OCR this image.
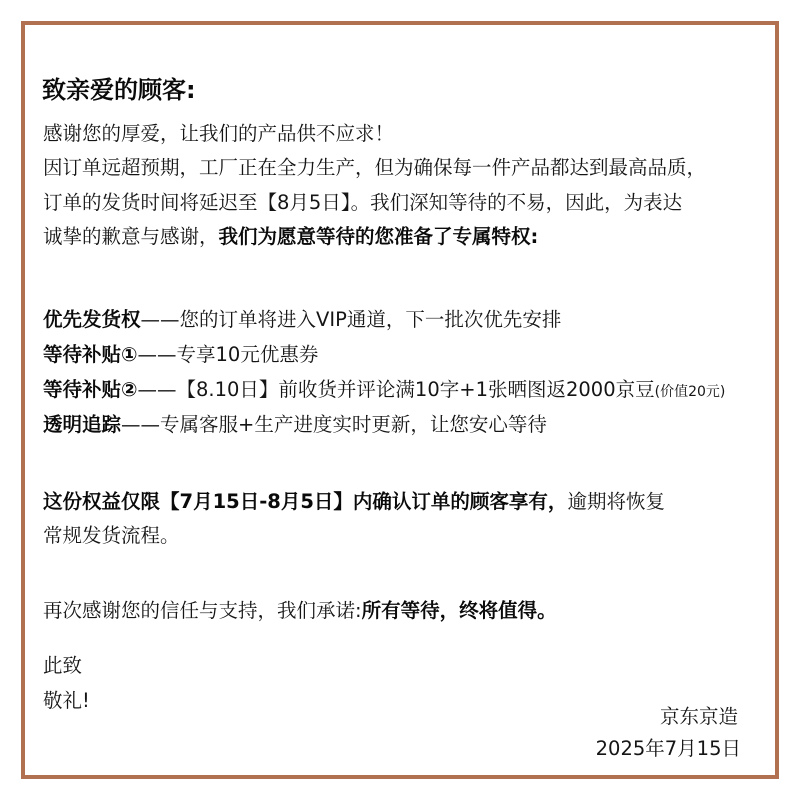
致亲爱的顾客:
感谢您的厚爱，让我们的产品供不应求！
因订单远超预期，工厂正在全力生产，但为确保每一件产品都达到最高品质，
订单的发货时间将延迟至【8月5日】。我们深知等待的不易，因此，为表达
诚挚的歉意与感谢，我们为愿意等待的您准备了专属特权:
优先发货权——您的订单将进入VIP通道，下一批次优先安排
等待补贴①——专享10元优惠券
等待补贴②——【8.10日】前收货并评论满10字+1张晒图返2000京豆(价值20元)
透明追踪——专属客服+生产进度实时更新，让您安心等待
这份权益仅限【7月15日-8月5日】内确认订单的顾客享有，逾期将恢复
常规发货流程。
再次感谢您的信任与支持，我们承诺:所有等待，终将值得。
此致
敬礼!
京东京造
2025年7月15日
